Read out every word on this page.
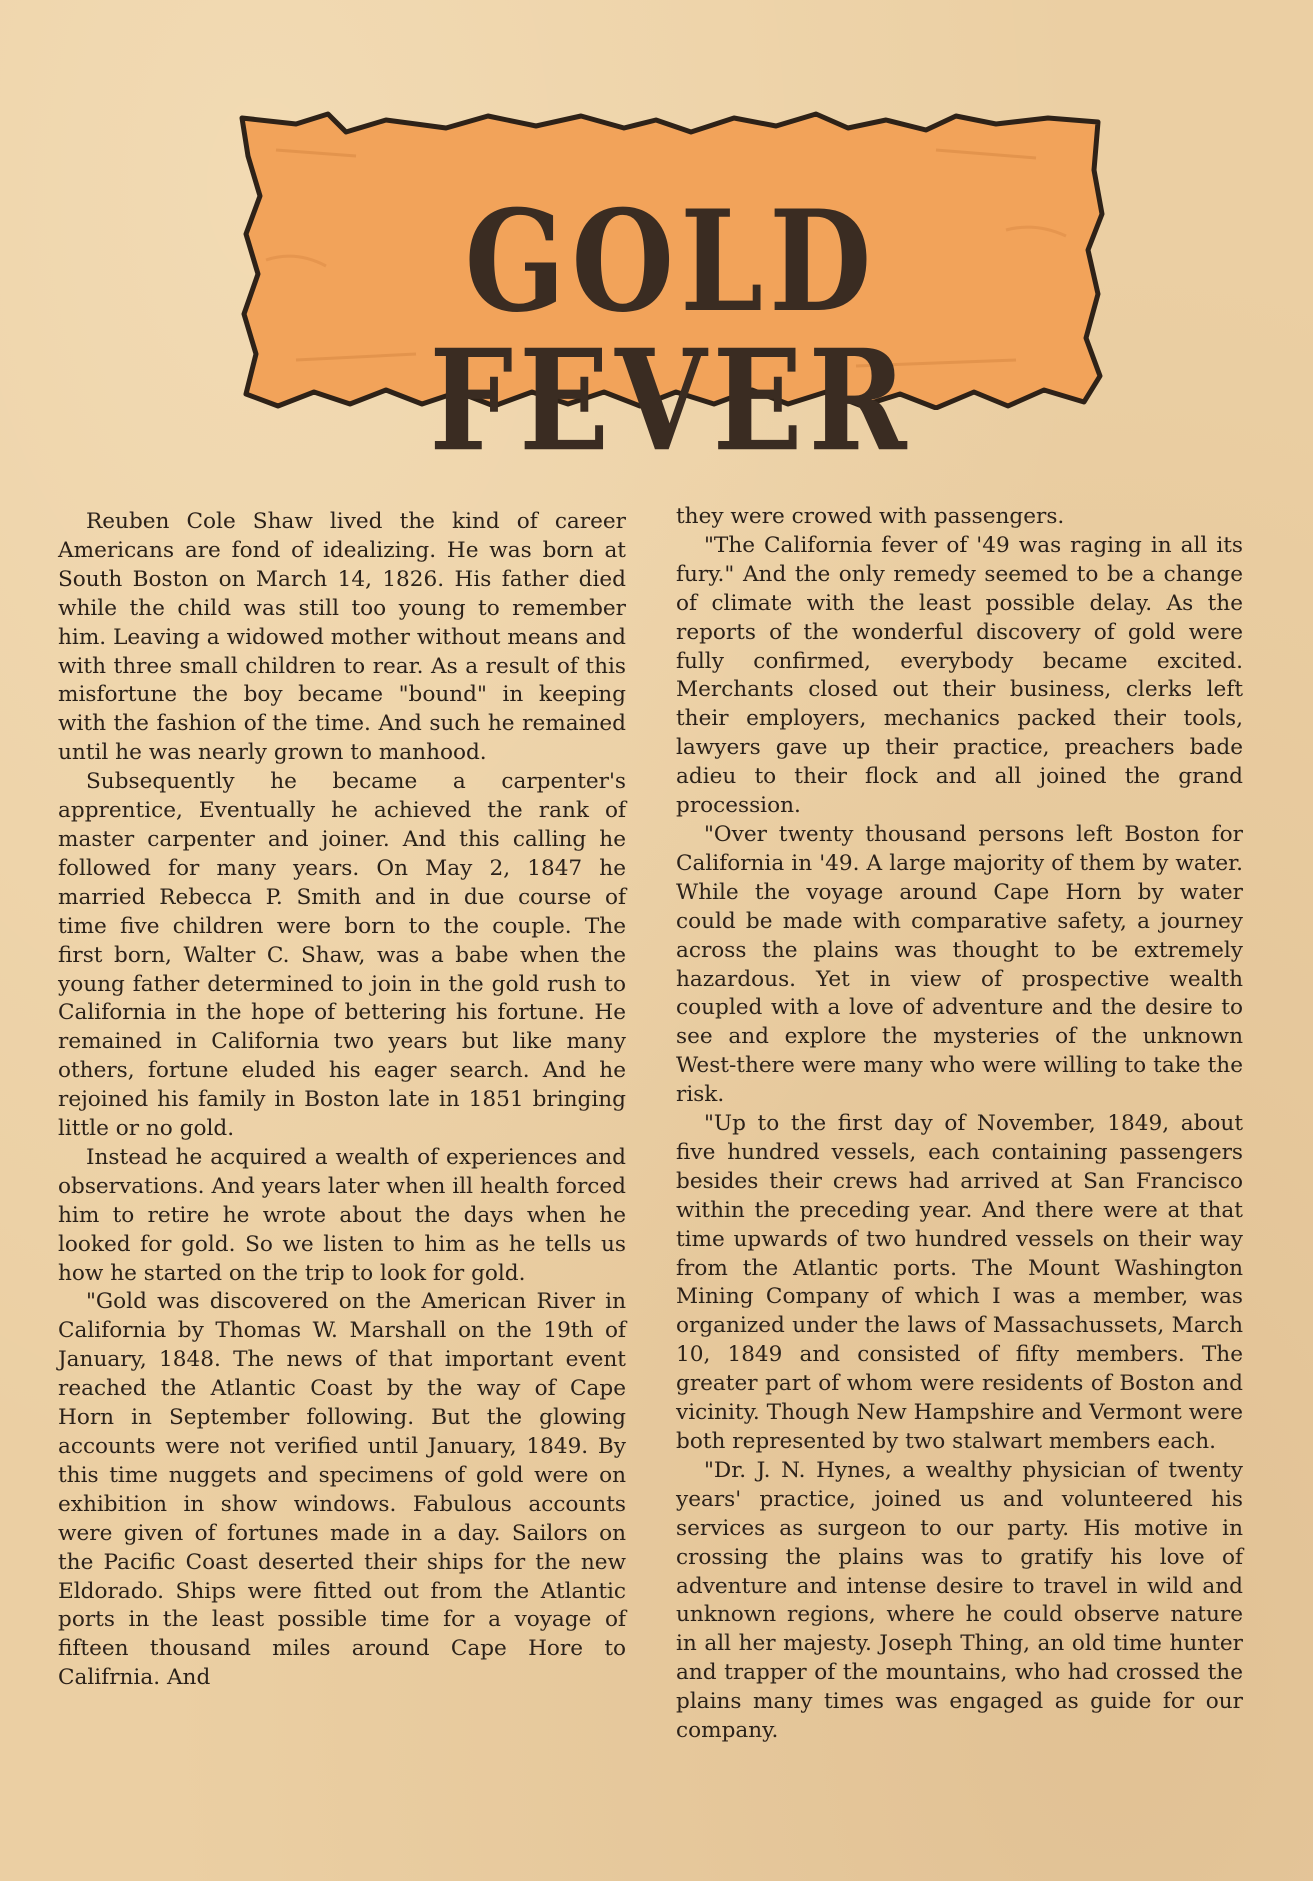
GOLD FEVER

Reuben Cole Shaw lived the kind of career Americans are fond of idealizing. He was born at South Boston on March 14, 1826. His father died while the child was still too young to remember him. Leaving a widowed mother without means and with three small children to rear. As a result of this misfortune the boy became "bound" in keeping with the fashion of the time. And such he remained until he was nearly grown to manhood.

Subsequently he became a carpenter's apprentice, Eventually he achieved the rank of master carpenter and joiner. And this calling he followed for many years. On May 2, 1847 he married Rebecca P. Smith and in due course of time five children were born to the couple. The first born, Walter C. Shaw, was a babe when the young father determined to join in the gold rush to California in the hope of bettering his fortune. He remained in California two years but like many others, fortune eluded his eager search. And he rejoined his family in Boston late in 1851 bringing little or no gold.

Instead he acquired a wealth of experiences and observations. And years later when ill health forced him to retire he wrote about the days when he looked for gold. So we listen to him as he tells us how he started on the trip to look for gold.

"Gold was discovered on the American River in California by Thomas W. Marshall on the 19th of January, 1848. The news of that important event reached the Atlantic Coast by the way of Cape Horn in September following. But the glowing accounts were not verified until January, 1849. By this time nuggets and specimens of gold were on exhibition in show windows. Fabulous accounts were given of fortunes made in a day. Sailors on the Pacific Coast deserted their ships for the new Eldorado. Ships were fitted out from the Atlantic ports in the least possible time for a voyage of fifteen thousand miles around Cape Hore to Califrnia. And

they were crowed with passengers.

"The California fever of '49 was raging in all its fury." And the only remedy seemed to be a change of climate with the least possible delay. As the reports of the wonderful discovery of gold were fully confirmed, everybody became excited. Merchants closed out their business, clerks left their employers, mechanics packed their tools, lawyers gave up their practice, preachers bade adieu to their flock and all joined the grand procession.

"Over twenty thousand persons left Boston for California in '49. A large majority of them by water. While the voyage around Cape Horn by water could be made with comparative safety, a journey across the plains was thought to be extremely hazardous. Yet in view of prospective wealth coupled with a love of adventure and the desire to see and explore the mysteries of the unknown West-there were many who were willing to take the risk.

"Up to the first day of November, 1849, about five hundred vessels, each containing passengers besides their crews had arrived at San Francisco within the preceding year. And there were at that time upwards of two hundred vessels on their way from the Atlantic ports. The Mount Washington Mining Company of which I was a member, was organized under the laws of Massachussets, March 10, 1849 and consisted of fifty members. The greater part of whom were residents of Boston and vicinity. Though New Hampshire and Vermont were both represented by two stalwart members each.

"Dr. J. N. Hynes, a wealthy physician of twenty years' practice, joined us and volunteered his services as surgeon to our party. His motive in crossing the plains was to gratify his love of adventure and intense desire to travel in wild and unknown regions, where he could observe nature in all her majesty. Joseph Thing, an old time hunter and trapper of the mountains, who had crossed the plains many times was engaged as guide for our company.
